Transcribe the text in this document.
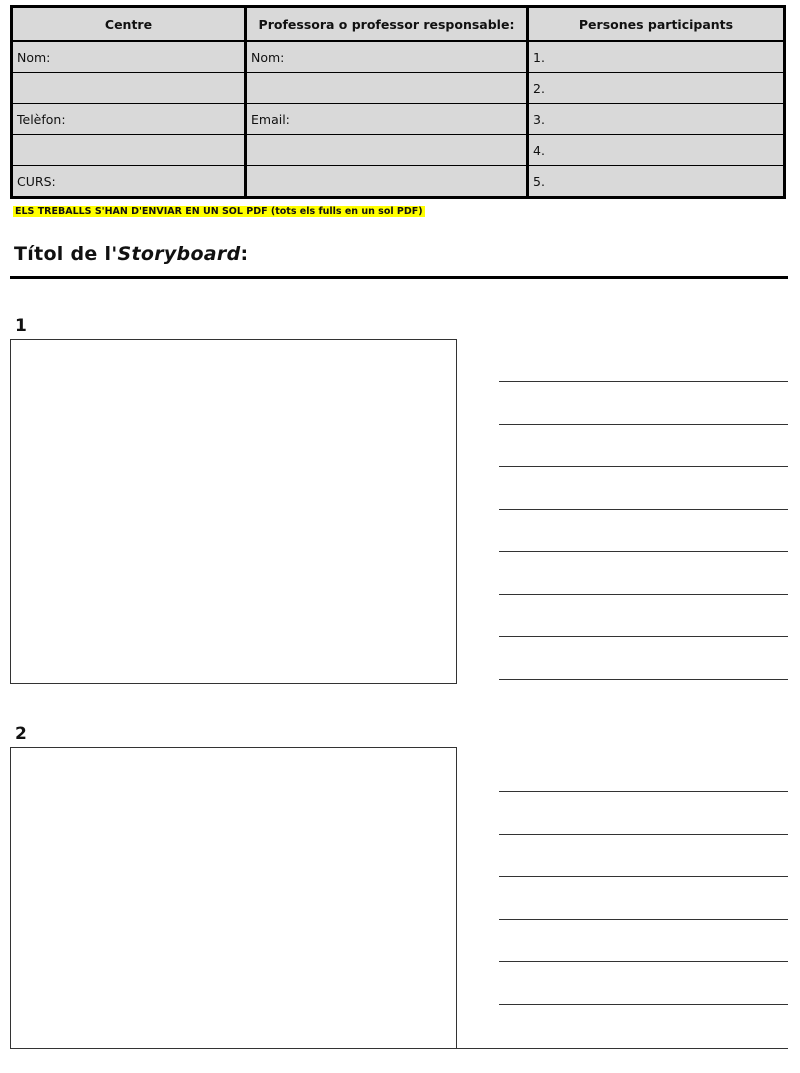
Centre	Professora o professor responsable:	Persones participants
Nom:	Nom:	1.
		2.
Telèfon:	Email:	3.
		4.
CURS:		5.
ELS TREBALLS S'HAN D'ENVIAR EN UN SOL PDF (tots els fulls en un sol PDF)
Títol de l'Storyboard:
1
2
